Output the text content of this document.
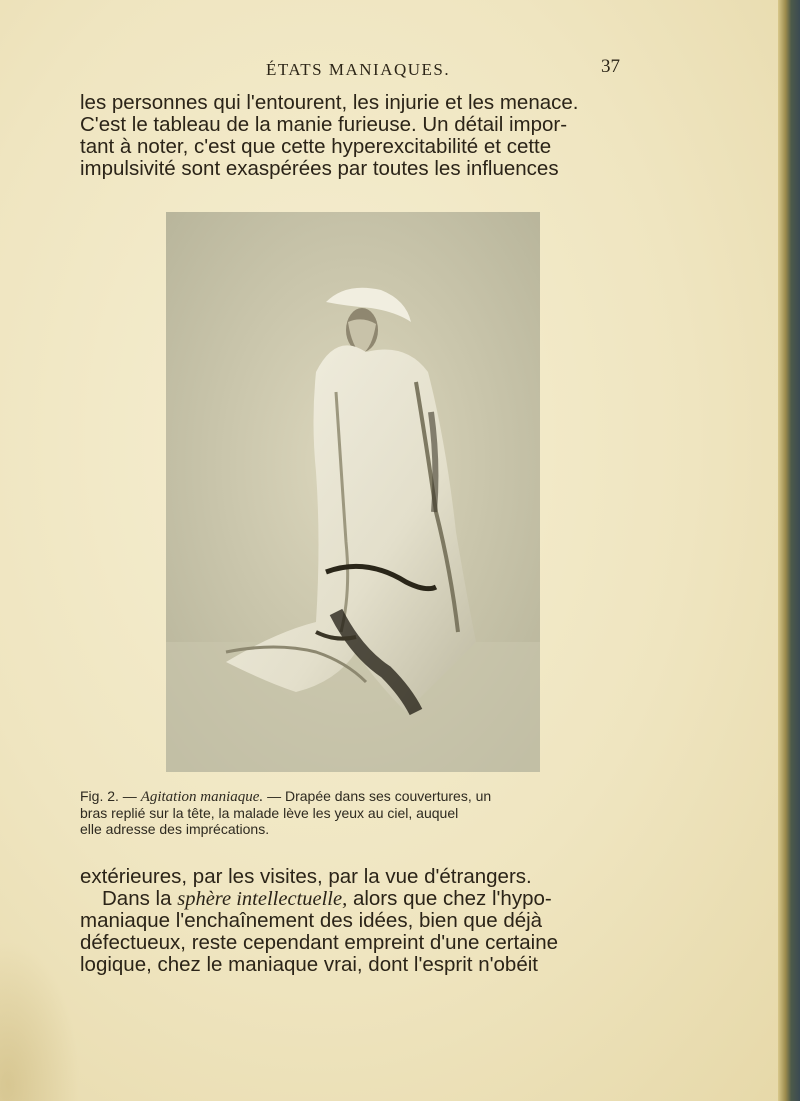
ÉTATS MANIAQUES.	37
les personnes qui l'entourent, les injurie et les menace.
C'est le tableau de la manie furieuse. Un détail impor-
tant à noter, c'est que cette hyperexcitabilité et cette
impulsivité sont exaspérées par toutes les influences
Fig. 2. — Agitation maniaque. — Drapée dans ses couvertures, un
bras replié sur la tête, la malade lève les yeux au ciel, auquel
elle adresse des imprécations.
extérieures, par les visites, par la vue d'étrangers.
Dans la sphère intellectuelle, alors que chez l'hypo-
maniaque l'enchaînement des idées, bien que déjà
défectueux, reste cependant empreint d'une certaine
logique, chez le maniaque vrai, dont l'esprit n'obéit
